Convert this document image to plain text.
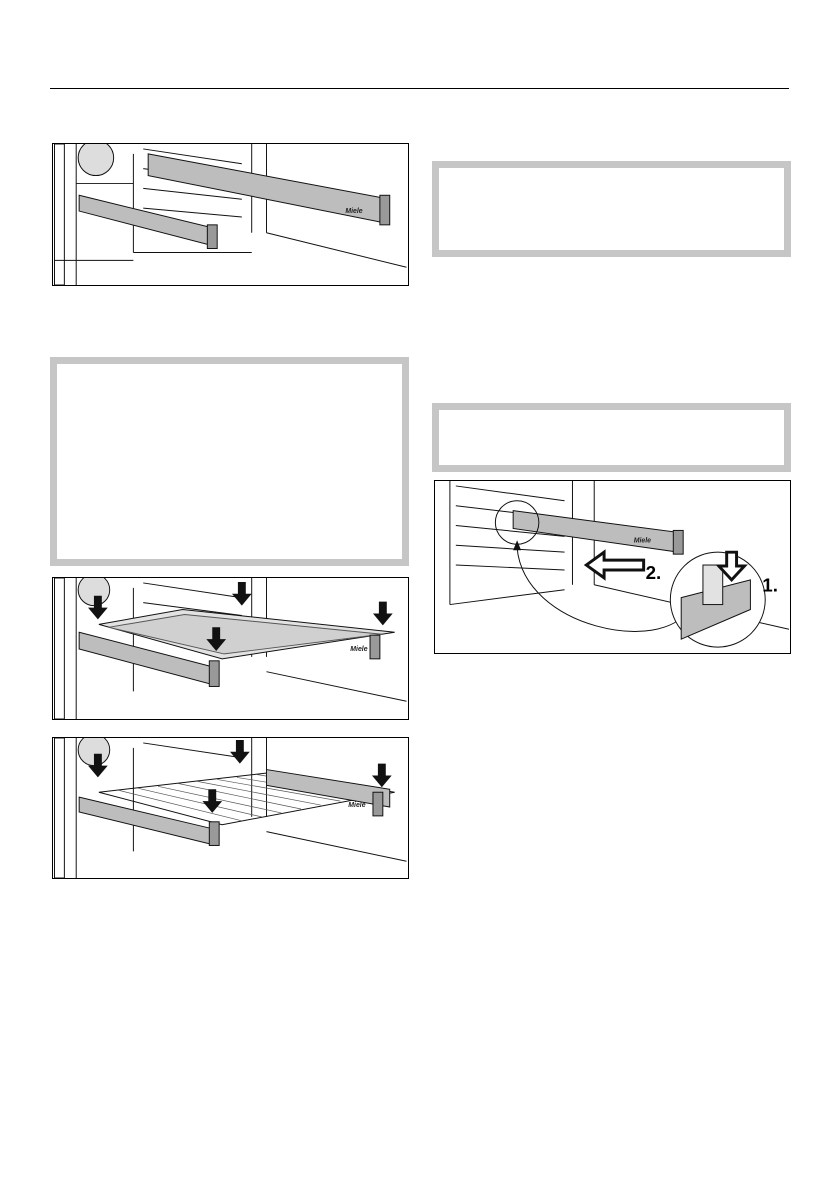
Miele
Miele
Miele
Miele
2.
1.
